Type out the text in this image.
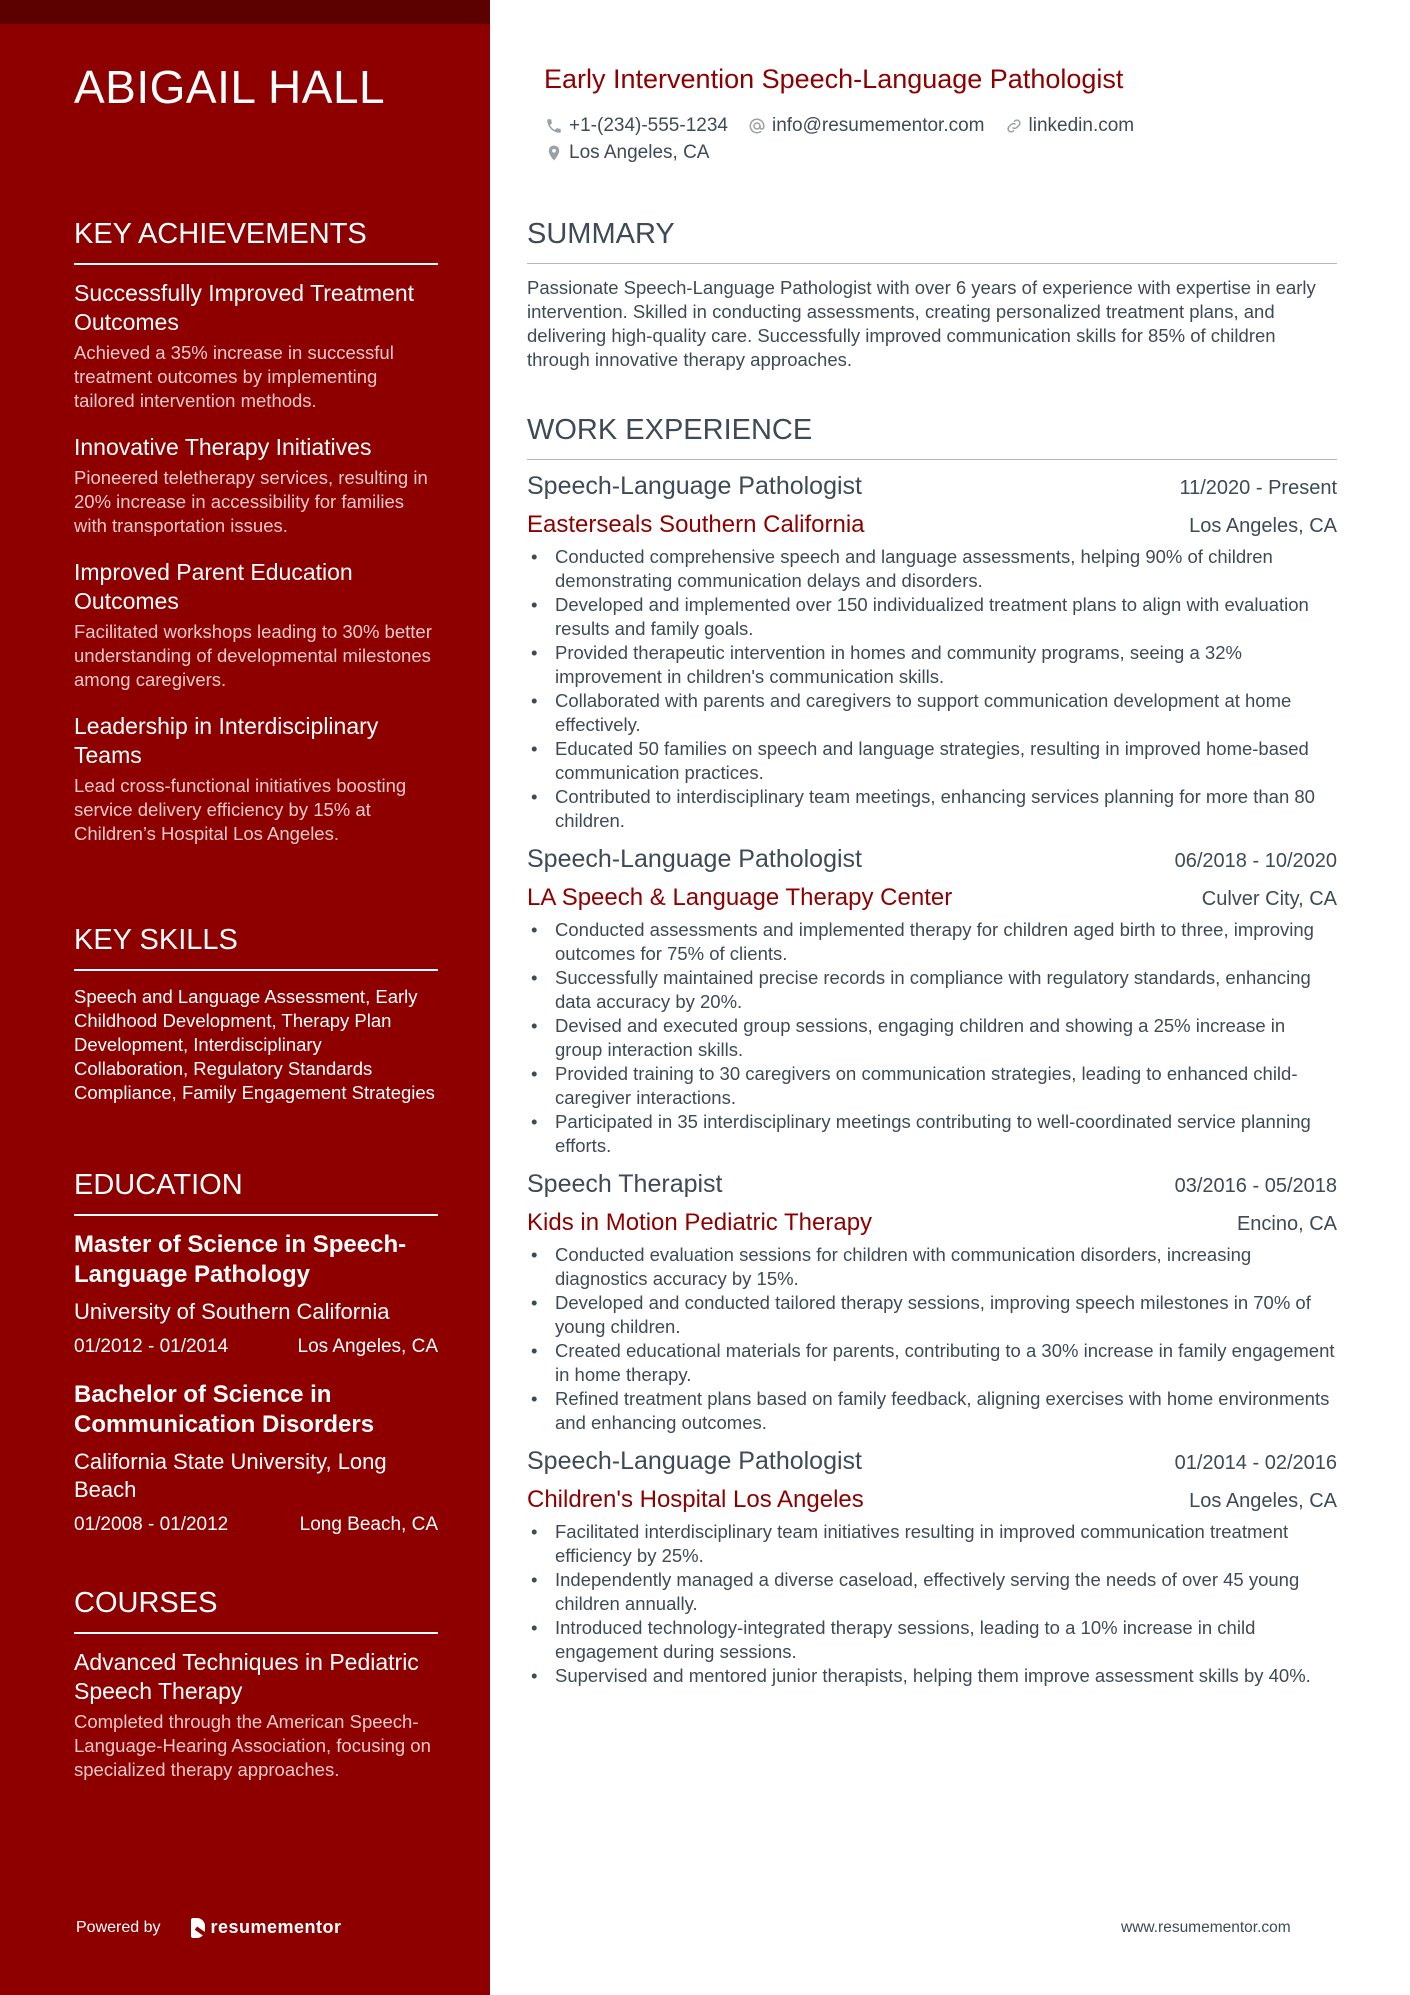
ABIGAIL HALL
KEY ACHIEVEMENTS
Successfully Improved Treatment Outcomes
Achieved a 35% increase in successful treatment outcomes by implementing tailored intervention methods.
Innovative Therapy Initiatives
Pioneered teletherapy services, resulting in 20% increase in accessibility for families with transportation issues.
Improved Parent Education Outcomes
Facilitated workshops leading to 30% better understanding of developmental milestones among caregivers.
Leadership in Interdisciplinary Teams
Lead cross-functional initiatives boosting service delivery efficiency by 15% at Children’s Hospital Los Angeles.
KEY SKILLS
Speech and Language Assessment, Early Childhood Development, Therapy Plan Development, Interdisciplinary Collaboration, Regulatory Standards Compliance, Family Engagement Strategies
EDUCATION
Master of Science in Speech-Language Pathology
University of Southern California
01/2012 - 01/2014	Los Angeles, CA
Bachelor of Science in Communication Disorders
California State University, Long Beach
01/2008 - 01/2012	Long Beach, CA
COURSES
Advanced Techniques in Pediatric Speech Therapy
Completed through the American Speech-Language-Hearing Association, focusing on specialized therapy approaches.
Powered by	resumementor
Early Intervention Speech-Language Pathologist
+1-(234)-555-1234 info@resumementor.com linkedin.com
Los Angeles, CA
SUMMARY
Passionate Speech-Language Pathologist with over 6 years of experience with expertise in early intervention. Skilled in conducting assessments, creating personalized treatment plans, and delivering high-quality care. Successfully improved communication skills for 85% of children through innovative therapy approaches.
WORK EXPERIENCE
Speech-Language Pathologist	11/2020 - Present
Easterseals Southern California	Los Angeles, CA
• Conducted comprehensive speech and language assessments, helping 90% of children demonstrating communication delays and disorders.
• Developed and implemented over 150 individualized treatment plans to align with evaluation results and family goals.
• Provided therapeutic intervention in homes and community programs, seeing a 32% improvement in children's communication skills.
• Collaborated with parents and caregivers to support communication development at home effectively.
• Educated 50 families on speech and language strategies, resulting in improved home-based communication practices.
• Contributed to interdisciplinary team meetings, enhancing services planning for more than 80 children.
Speech-Language Pathologist	06/2018 - 10/2020
LA Speech & Language Therapy Center	Culver City, CA
• Conducted assessments and implemented therapy for children aged birth to three, improving outcomes for 75% of clients.
• Successfully maintained precise records in compliance with regulatory standards, enhancing data accuracy by 20%.
• Devised and executed group sessions, engaging children and showing a 25% increase in group interaction skills.
• Provided training to 30 caregivers on communication strategies, leading to enhanced child-caregiver interactions.
• Participated in 35 interdisciplinary meetings contributing to well-coordinated service planning efforts.
Speech Therapist	03/2016 - 05/2018
Kids in Motion Pediatric Therapy	Encino, CA
• Conducted evaluation sessions for children with communication disorders, increasing diagnostics accuracy by 15%.
• Developed and conducted tailored therapy sessions, improving speech milestones in 70% of young children.
• Created educational materials for parents, contributing to a 30% increase in family engagement in home therapy.
• Refined treatment plans based on family feedback, aligning exercises with home environments and enhancing outcomes.
Speech-Language Pathologist	01/2014 - 02/2016
Children's Hospital Los Angeles	Los Angeles, CA
• Facilitated interdisciplinary team initiatives resulting in improved communication treatment efficiency by 25%.
• Independently managed a diverse caseload, effectively serving the needs of over 45 young children annually.
• Introduced technology-integrated therapy sessions, leading to a 10% increase in child engagement during sessions.
• Supervised and mentored junior therapists, helping them improve assessment skills by 40%.
www.resumementor.com
